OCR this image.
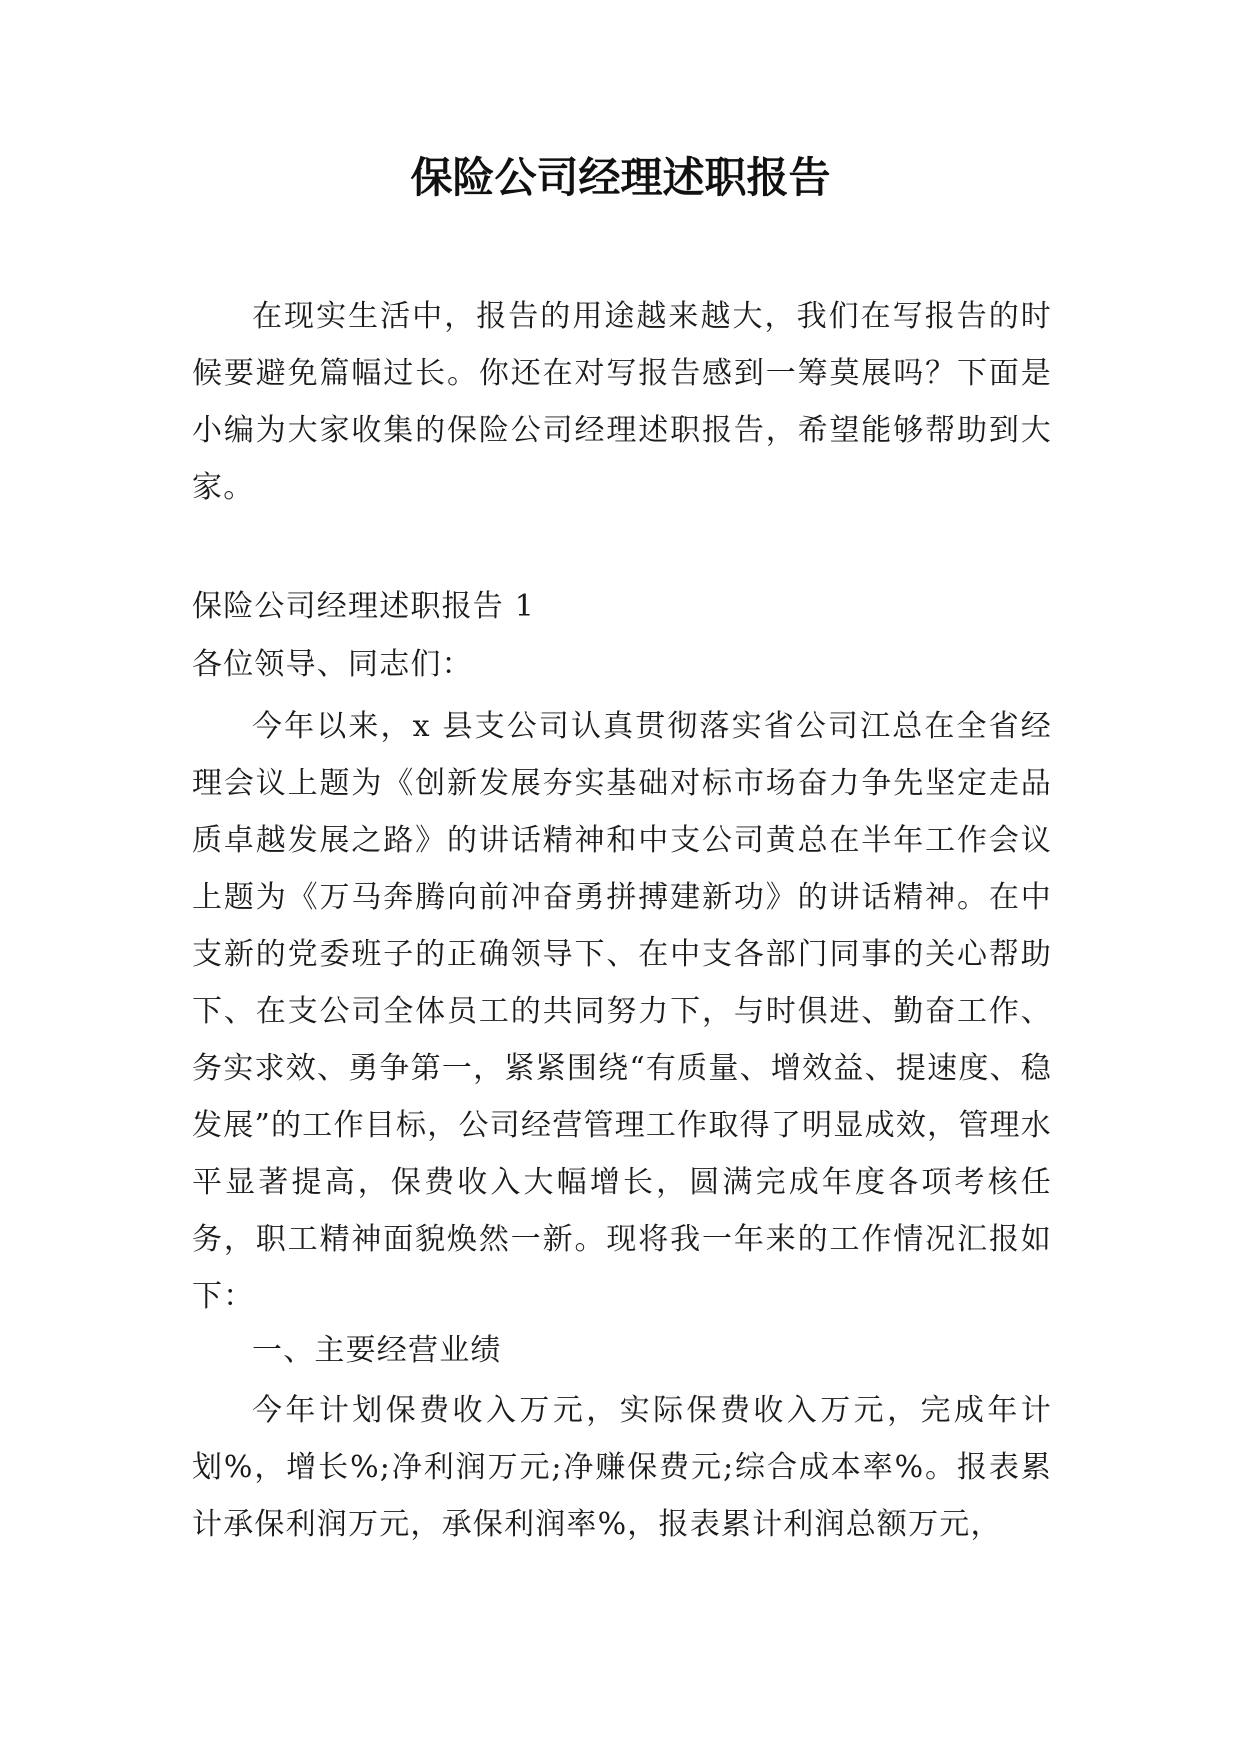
保险公司经理述职报告

在现实生活中，报告的用途越来越大，我们在写报告的时候要避免篇幅过长。你还在对写报告感到一筹莫展吗？下面是小编为大家收集的保险公司经理述职报告，希望能够帮助到大家。

保险公司经理述职报告 1

各位领导、同志们：

今年以来，x 县支公司认真贯彻落实省公司江总在全省经理会议上题为《创新发展夯实基础对标市场奋力争先坚定走品质卓越发展之路》的讲话精神和中支公司黄总在半年工作会议上题为《万马奔腾向前冲奋勇拼搏建新功》的讲话精神。在中支新的党委班子的正确领导下、在中支各部门同事的关心帮助下、在支公司全体员工的共同努力下，与时俱进、勤奋工作、务实求效、勇争第一，紧紧围绕“有质量、增效益、提速度、稳发展”的工作目标，公司经营管理工作取得了明显成效，管理水平显著提高，保费收入大幅增长，圆满完成年度各项考核任务，职工精神面貌焕然一新。现将我一年来的工作情况汇报如下：

一、主要经营业绩

今年计划保费收入万元，实际保费收入万元，完成年计划%，增长%;净利润万元;净赚保费元;综合成本率%。报表累计承保利润万元，承保利润率%，报表累计利润总额万元，
